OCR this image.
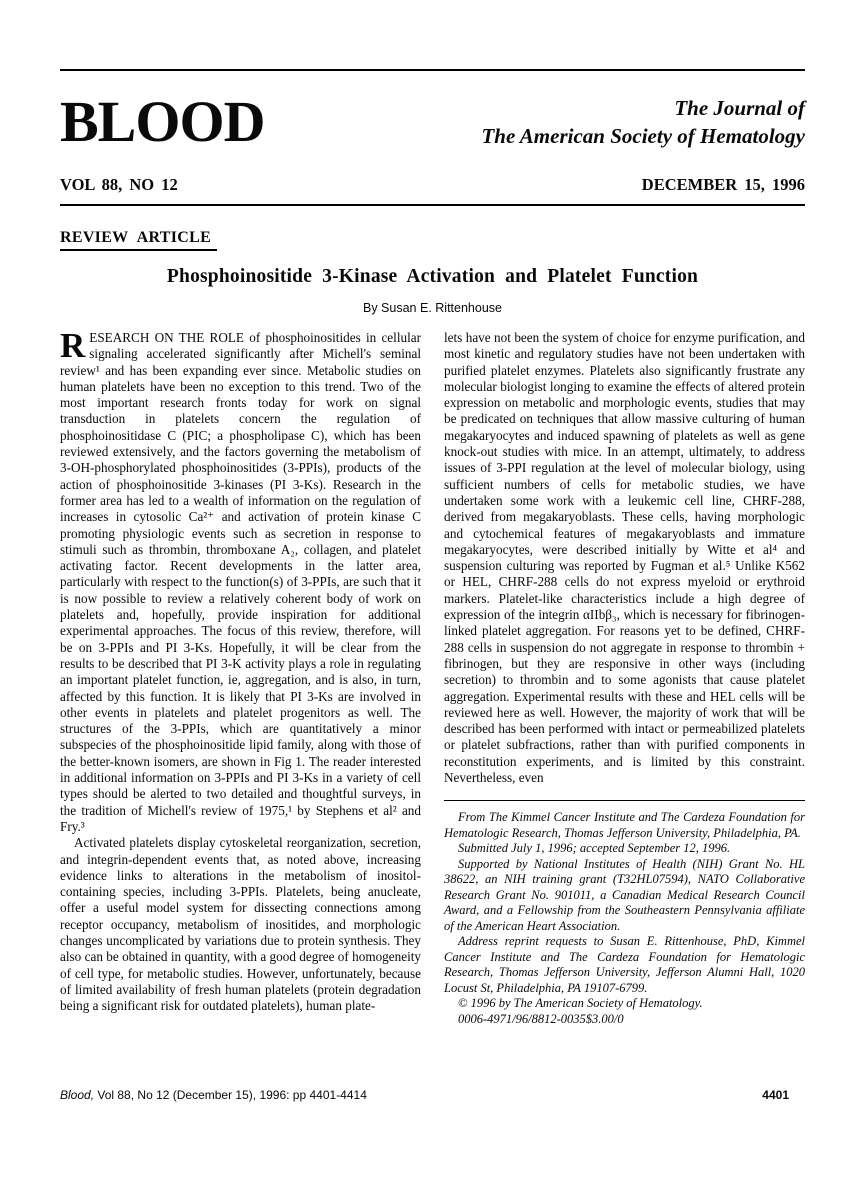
BLOOD	The Journal of
The American Society of Hematology
VOL 88, NO 12	DECEMBER 15, 1996
REVIEW ARTICLE
Phosphoinositide 3-Kinase Activation and Platelet Function
By Susan E. Rittenhouse

RESEARCH ON THE ROLE of phosphoinositides in cellular signaling accelerated significantly after Michell's seminal review¹ and has been expanding ever since. Metabolic studies on human platelets have been no exception to this trend. Two of the most important research fronts today for work on signal transduction in platelets concern the regulation of phosphoinositidase C (PIC; a phospholipase C), which has been reviewed extensively, and the factors governing the metabolism of 3-OH-phosphorylated phosphoinositides (3-PPIs), products of the action of phosphoinositide 3-kinases (PI 3-Ks). Research in the former area has led to a wealth of information on the regulation of increases in cytosolic Ca²⁺ and activation of protein kinase C promoting physiologic events such as secretion in response to stimuli such as thrombin, thromboxane A₂, collagen, and platelet activating factor. Recent developments in the latter area, particularly with respect to the function(s) of 3-PPIs, are such that it is now possible to review a relatively coherent body of work on platelets and, hopefully, provide inspiration for additional experimental approaches. The focus of this review, therefore, will be on 3-PPIs and PI 3-Ks. Hopefully, it will be clear from the results to be described that PI 3-K activity plays a role in regulating an important platelet function, ie, aggregation, and is also, in turn, affected by this function. It is likely that PI 3-Ks are involved in other events in platelets and platelet progenitors as well. The structures of the 3-PPIs, which are quantitatively a minor subspecies of the phosphoinositide lipid family, along with those of the better-known isomers, are shown in Fig 1. The reader interested in additional information on 3-PPIs and PI 3-Ks in a variety of cell types should be alerted to two detailed and thoughtful surveys, in the tradition of Michell's review of 1975,¹ by Stephens et al² and Fry.³

Activated platelets display cytoskeletal reorganization, secretion, and integrin-dependent events that, as noted above, increasing evidence links to alterations in the metabolism of inositol-containing species, including 3-PPIs. Platelets, being anucleate, offer a useful model system for dissecting connections among receptor occupancy, metabolism of inositides, and morphologic changes uncomplicated by variations due to protein synthesis. They also can be obtained in quantity, with a good degree of homogeneity of cell type, for metabolic studies. However, unfortunately, because of limited availability of fresh human platelets (protein degradation being a significant risk for outdated platelets), human plate-

lets have not been the system of choice for enzyme purification, and most kinetic and regulatory studies have not been undertaken with purified platelet enzymes. Platelets also significantly frustrate any molecular biologist longing to examine the effects of altered protein expression on metabolic and morphologic events, studies that may be predicated on techniques that allow massive culturing of human megakaryocytes and induced spawning of platelets as well as gene knock-out studies with mice. In an attempt, ultimately, to address issues of 3-PPI regulation at the level of molecular biology, using sufficient numbers of cells for metabolic studies, we have undertaken some work with a leukemic cell line, CHRF-288, derived from megakaryoblasts. These cells, having morphologic and cytochemical features of megakaryoblasts and immature megakaryocytes, were described initially by Witte et al⁴ and suspension culturing was reported by Fugman et al.⁵ Unlike K562 or HEL, CHRF-288 cells do not express myeloid or erythroid markers. Platelet-like characteristics include a high degree of expression of the integrin αIIbβ₃, which is necessary for fibrinogen-linked platelet aggregation. For reasons yet to be defined, CHRF-288 cells in suspension do not aggregate in response to thrombin + fibrinogen, but they are responsive in other ways (including secretion) to thrombin and to some agonists that cause platelet aggregation. Experimental results with these and HEL cells will be reviewed here as well. However, the majority of work that will be described has been performed with intact or permeabilized platelets or platelet subfractions, rather than with purified components in reconstitution experiments, and is limited by this constraint. Nevertheless, even

From The Kimmel Cancer Institute and The Cardeza Foundation for Hematologic Research, Thomas Jefferson University, Philadelphia, PA.

Submitted July 1, 1996; accepted September 12, 1996.

Supported by National Institutes of Health (NIH) Grant No. HL 38622, an NIH training grant (T32HL07594), NATO Collaborative Research Grant No. 901011, a Canadian Medical Research Council Award, and a Fellowship from the Southeastern Pennsylvania affiliate of the American Heart Association.

Address reprint requests to Susan E. Rittenhouse, PhD, Kimmel Cancer Institute and The Cardeza Foundation for Hematologic Research, Thomas Jefferson University, Jefferson Alumni Hall, 1020 Locust St, Philadelphia, PA 19107-6799.

© 1996 by The American Society of Hematology.

0006-4971/96/8812-0035$3.00/0

Blood, Vol 88, No 12 (December 15), 1996: pp 4401-4414	4401
